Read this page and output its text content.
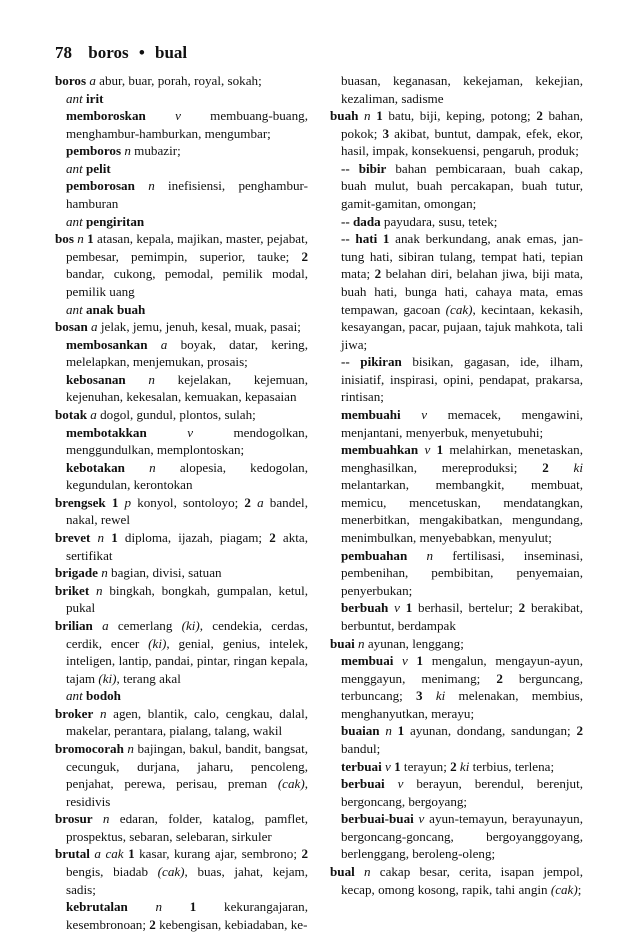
78 boros • bual

boros a abur, buar, porah, royal, sokah;

ant irit

memboroskan v membuang-buang, menghambur-hamburkan, mengumbar;

pemboros n mubazir;

ant pelit

pemborosan n inefisiensi, penghambur-hamburan

ant pengiritan

bos n 1 atasan, kepala, majikan, master, pejabat, pembesar, pemimpin, superior, tauke; 2 bandar, cukong, pemodal, pemilik modal, pemilik uang

ant anak buah

bosan a jelak, jemu, jenuh, kesal, muak, pasai;

membosankan a boyak, datar, kering, melelapkan, menjemukan, prosais;

kebosanan n kejelakan, kejemuan, kejenuhan, kekesalan, kemuakan, kepasaian

botak a dogol, gundul, plontos, sulah;

membotakkan v mendogolkan, menggundulkan, memplontoskan;

kebotakan n alopesia, kedogolan, kegundulan, kerontokan

brengsek 1 p konyol, sontoloyo; 2 a bandel, nakal, rewel

brevet n 1 diploma, ijazah, piagam; 2 akta, sertifikat

brigade n bagian, divisi, satuan

briket n bingkah, bongkah, gumpalan, ketul, pukal

brilian a cemerlang (ki), cendekia, cerdas, cerdik, encer (ki), genial, genius, intelek, inteligen, lantip, pandai, pintar, ringan kepala, tajam (ki), terang akal

ant bodoh

broker n agen, blantik, calo, cengkau, dalal, makelar, perantara, pialang, talang, wakil

bromocorah n bajingan, bakul, bandit, bangsat, cecunguk, durjana, jaharu, pencoleng, penjahat, perewa, perisau, preman (cak), residivis

brosur n edaran, folder, katalog, pamflet, prospektus, sebaran, selebaran, sirkuler

brutal a cak 1 kasar, kurang ajar, sembrono; 2 bengis, biadab (cak), buas, jahat, kejam, sadis;

kebrutalan n 1 kekurangajaran, kesembronoan; 2 kebengisan, kebiadaban, ke-

buasan, keganasan, kekejaman, kekejian, kezaliman, sadisme

buah n 1 batu, biji, keping, potong; 2 bahan, pokok; 3 akibat, buntut, dampak, efek, ekor, hasil, impak, konsekuensi, pengaruh, produk;

-- bibir bahan pembicaraan, buah cakap, buah mulut, buah percakapan, buah tutur, gamit-gamitan, omongan;

-- dada payudara, susu, tetek;

-- hati 1 anak berkundang, anak emas, jan-tung hati, sibiran tulang, tempat hati, tepian mata; 2 belahan diri, belahan jiwa, biji mata, buah hati, bunga hati, cahaya mata, emas tempawan, gacoan (cak), kecintaan, kekasih, kesayangan, pacar, pujaan, tajuk mahkota, tali jiwa;

-- pikiran bisikan, gagasan, ide, ilham, inisiatif, inspirasi, opini, pendapat, prakarsa, rintisan;

membuahi v memacek, mengawini, menjantani, menyerbuk, menyetubuhi;

membuahkan v 1 melahirkan, menetaskan, menghasilkan, mereproduksi; 2 ki melantarkan, membangkit, membuat, memicu, mencetuskan, mendatangkan, menerbitkan, mengakibatkan, mengundang, menimbulkan, menyebabkan, menyulut;

pembuahan n fertilisasi, inseminasi, pembenihan, pembibitan, penyemaian, penyerbukan;

berbuah v 1 berhasil, bertelur; 2 berakibat, berbuntut, berdampak

buai n ayunan, lenggang;

membuai v 1 mengalun, mengayun-ayun, menggayun, menimang; 2 berguncang, terbuncang; 3 ki melenakan, membius, menghanyutkan, merayu;

buaian n 1 ayunan, dondang, sandungan; 2 bandul;

terbuai v 1 terayun; 2 ki terbius, terlena;

berbuai v berayun, berendul, berenjut, bergoncang, bergoyang;

berbuai-buai v ayun-temayun, berayunayun, bergoncang-goncang, bergoyanggoyang, berlenggang, beroleng-oleng;

bual n cakap besar, cerita, isapan jempol, kecap, omong kosong, rapik, tahi angin (cak);
